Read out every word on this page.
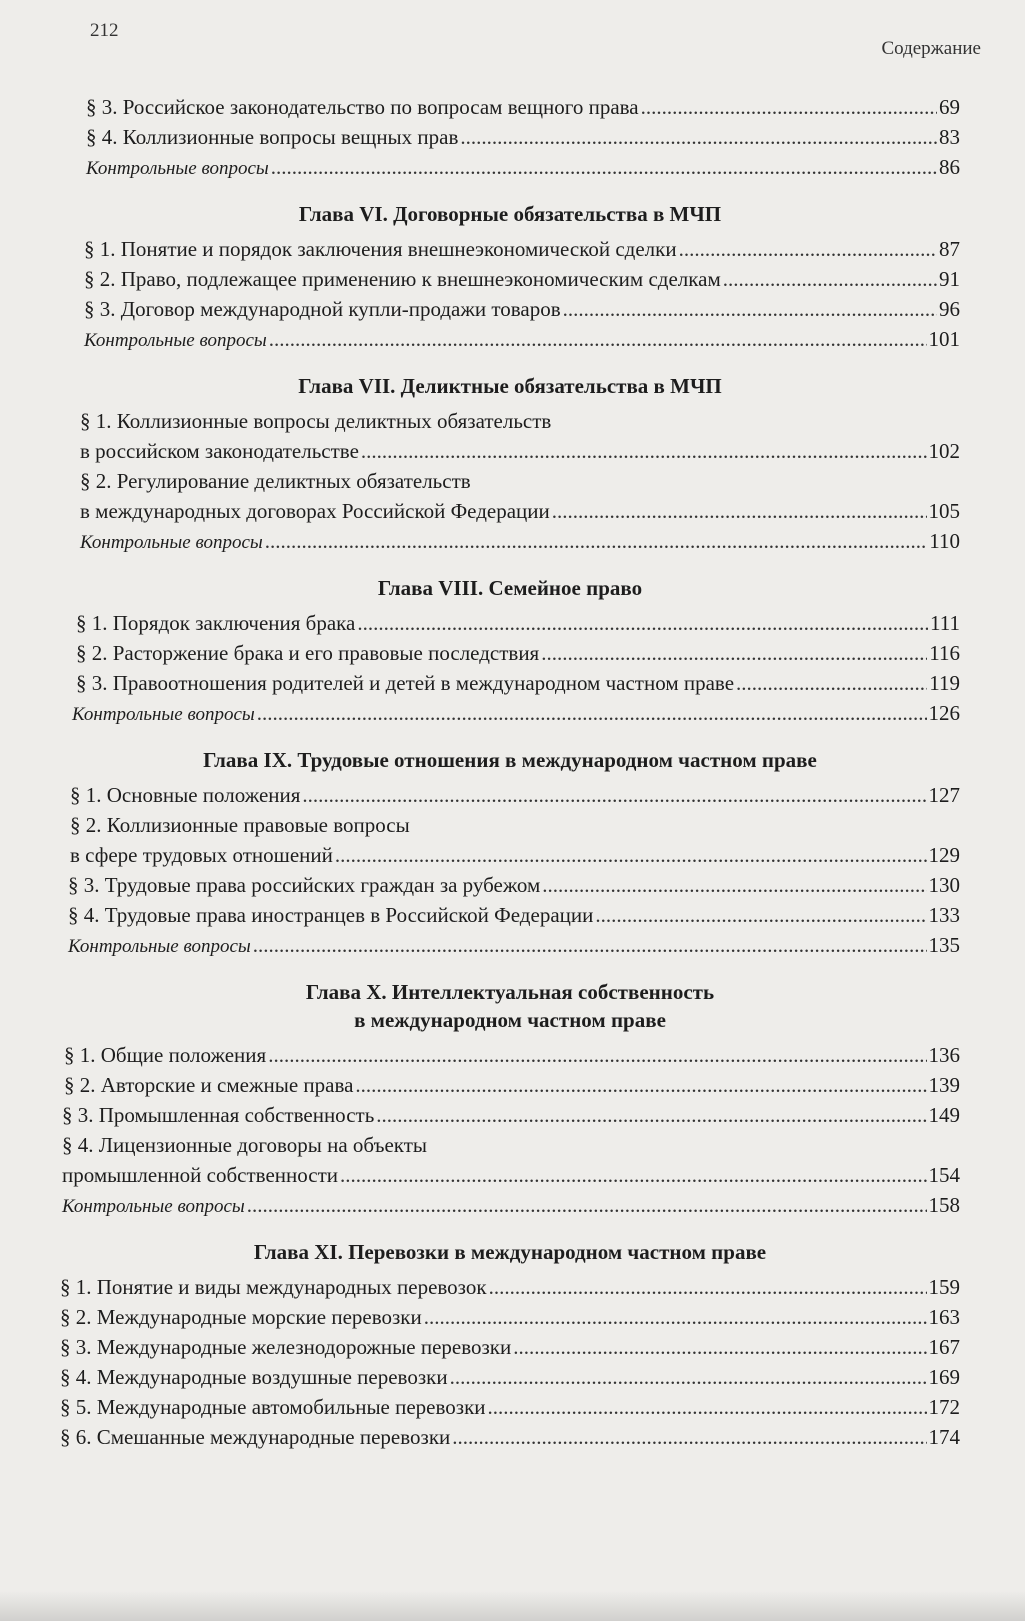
212
Содержание
§ 3. Российское законодательство по вопросам вещного права .....	69
§ 4. Коллизионные вопросы вещных прав .....	83
Контрольные вопросы .....	86
Глава VI. Договорные обязательства в МЧП
§ 1. Понятие и порядок заключения внешнеэкономической сделки .....	87
§ 2. Право, подлежащее применению к внешнеэкономическим сделкам .....	91
§ 3. Договор международной купли-продажи товаров .....	96
Контрольные вопросы .....	101
Глава VII. Деликтные обязательства в МЧП
§ 1. Коллизионные вопросы деликтных обязательств
в российском законодательстве .....	102
§ 2. Регулирование деликтных обязательств
в международных договорах Российской Федерации .....	105
Контрольные вопросы .....	110
Глава VIII. Семейное право
§ 1. Порядок заключения брака .....	111
§ 2. Расторжение брака и его правовые последствия .....	116
§ 3. Правоотношения родителей и детей в международном частном праве .....	119
Контрольные вопросы .....	126
Глава IX. Трудовые отношения в международном частном праве
§ 1. Основные положения .....	127
§ 2. Коллизионные правовые вопросы
в сфере трудовых отношений .....	129
§ 3. Трудовые права российских граждан за рубежом .....	130
§ 4. Трудовые права иностранцев в Российской Федерации .....	133
Контрольные вопросы .....	135
Глава X. Интеллектуальная собственность
в международном частном праве
§ 1. Общие положения .....	136
§ 2. Авторские и смежные права .....	139
§ 3. Промышленная собственность .....	149
§ 4. Лицензионные договоры на объекты
промышленной собственности .....	154
Контрольные вопросы .....	158
Глава XI. Перевозки в международном частном праве
§ 1. Понятие и виды международных перевозок .....	159
§ 2. Международные морские перевозки .....	163
§ 3. Международные железнодорожные перевозки .....	167
§ 4. Международные воздушные перевозки .....	169
§ 5. Международные автомобильные перевозки .....	172
§ 6. Смешанные международные перевозки .....	174
